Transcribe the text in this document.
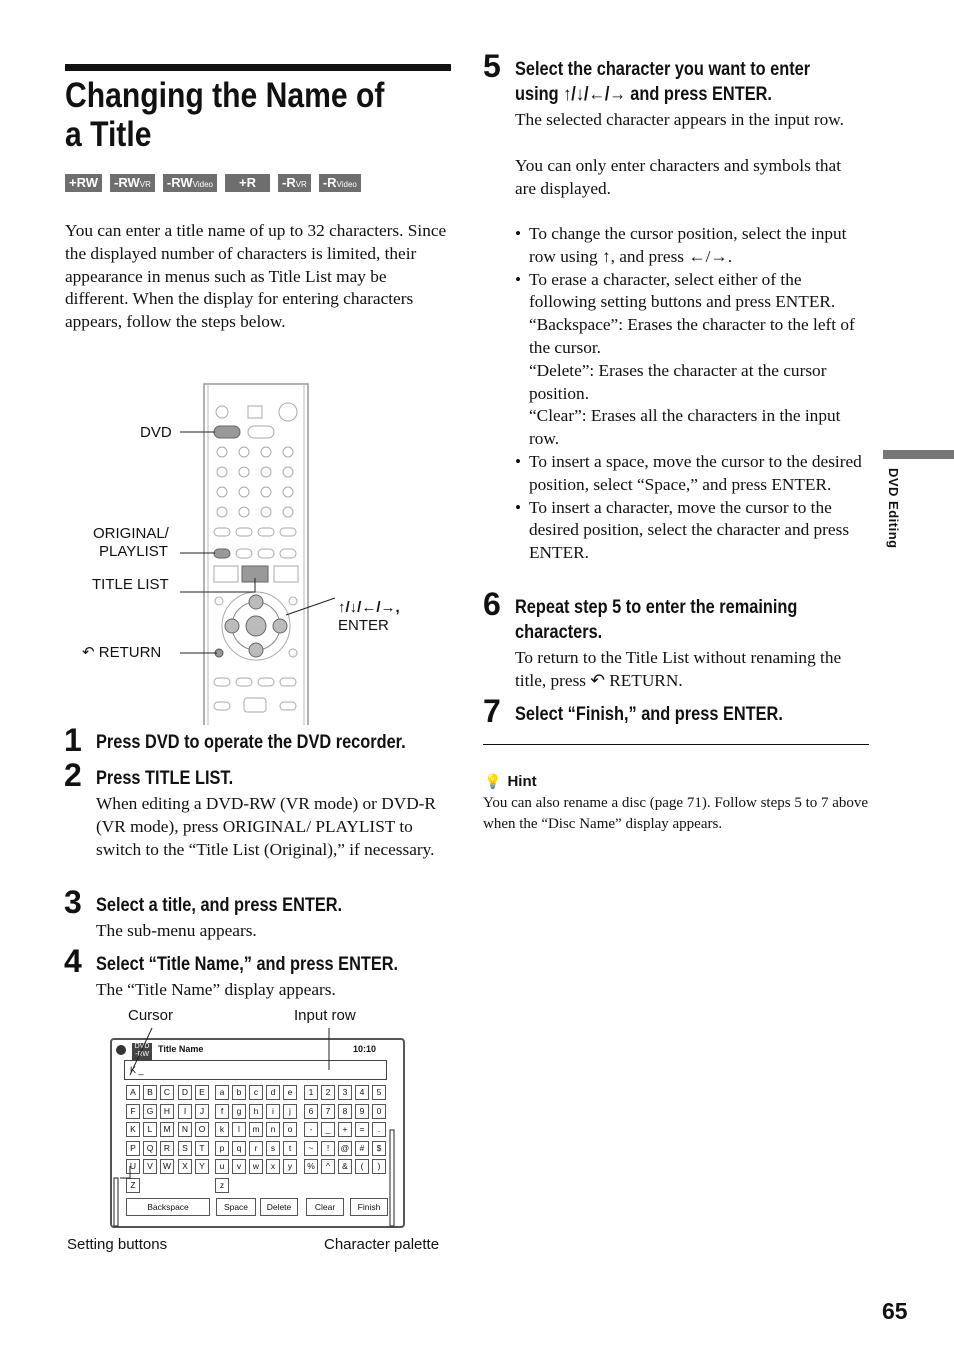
Changing the Name of a Title
+RW	-RWVR	-RWVideo	+R	-RVR	-RVideo
You can enter a title name of up to 32 characters. Since the displayed number of characters is limited, their appearance in menus such as Title List may be different. When the display for entering characters appears, follow the steps below.
DVD
ORIGINAL/
PLAYLIST
TITLE LIST
↶ RETURN
↑/↓/←/→,
ENTER
1 Press DVD to operate the DVD recorder.
2 Press TITLE LIST.
When editing a DVD-RW (VR mode) or DVD-R (VR mode), press ORIGINAL/ PLAYLIST to switch to the “Title List (Original),” if necessary.
3 Select a title, and press ENTER.
The sub-menu appears.
4 Select “Title Name,” and press ENTER.
The “Title Name” display appears.
Cursor	Input row
DVD
-RW
Title Name	10:10
K _
A	B	C	D	E	a	b	c	d	e	1	2	3	4	5
F	G	H	I	J	f	g	h	i	j	6	7	8	9	0
K	L	M	N	O	k	l	m	n	o	-	_	+	=	.
P	Q	R	S	T	p	q	r	s	t	~	!	@	#	$
U	V	W	X	Y	u	v	w	x	y	%	^	&	(	)
Z	z
Backspace	Space	Delete	Clear	Finish
Setting buttons	Character palette
5 Select the character you want to enter
using ↑/↓/←/→ and press ENTER.
The selected character appears in the input row.
You can only enter characters and symbols that are displayed.
• To change the cursor position, select the input row using ↑, and press ←/→.
• To erase a character, select either of the following setting buttons and press ENTER.
“Backspace”: Erases the character to the left of the cursor.
“Delete”: Erases the character at the cursor position.
“Clear”: Erases all the characters in the input row.
• To insert a space, move the cursor to the desired position, select “Space,” and press ENTER.
• To insert a character, move the cursor to the desired position, select the character and press ENTER.
6 Repeat step 5 to enter the remaining characters.
To return to the Title List without renaming the title, press ↶ RETURN.
7 Select “Finish,” and press ENTER.
💡 Hint
You can also rename a disc (page 71). Follow steps 5 to 7 above when the “Disc Name” display appears.
DVD Editing
65
